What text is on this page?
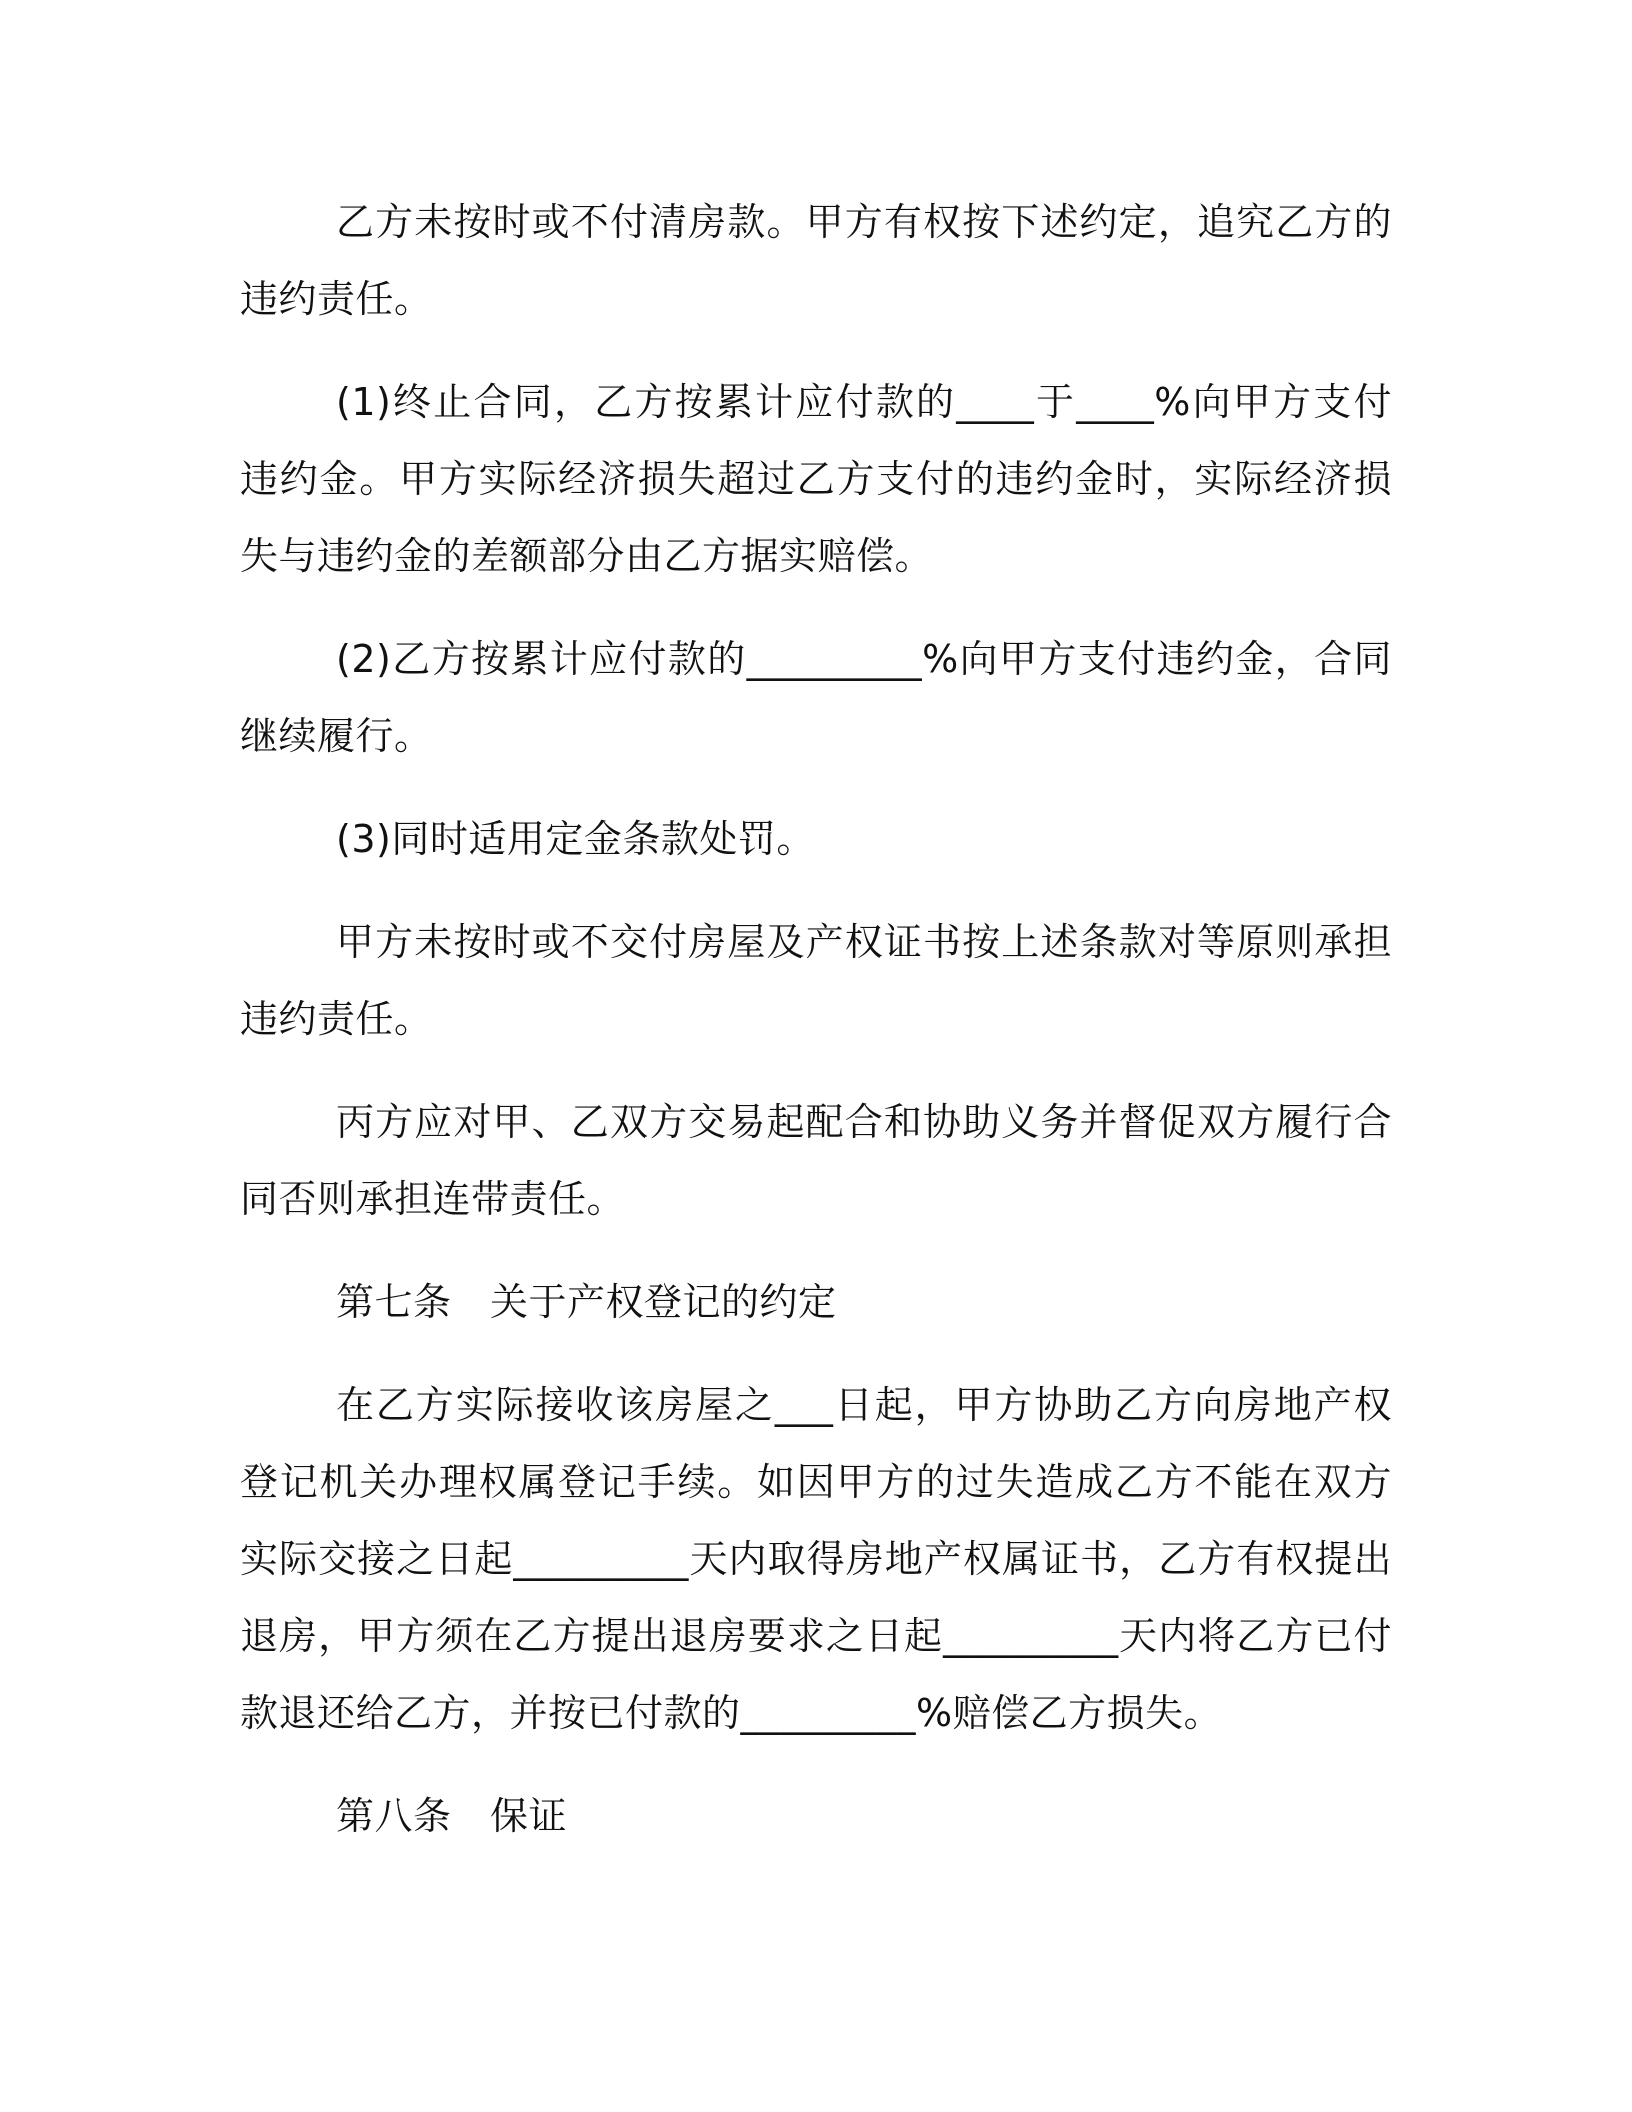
乙方未按时或不付清房款。甲方有权按下述约定，追究乙方的违约责任。

(1)终止合同，乙方按累计应付款的____于____%向甲方支付违约金。甲方实际经济损失超过乙方支付的违约金时，实际经济损失与违约金的差额部分由乙方据实赔偿。

(2)乙方按累计应付款的_________%向甲方支付违约金，合同继续履行。

(3)同时适用定金条款处罚。

甲方未按时或不交付房屋及产权证书按上述条款对等原则承担违约责任。

丙方应对甲、乙双方交易起配合和协助义务并督促双方履行合同否则承担连带责任。

第七条　关于产权登记的约定

在乙方实际接收该房屋之___日起，甲方协助乙方向房地产权登记机关办理权属登记手续。如因甲方的过失造成乙方不能在双方实际交接之日起_________天内取得房地产权属证书，乙方有权提出退房，甲方须在乙方提出退房要求之日起_________天内将乙方已付款退还给乙方，并按已付款的_________%赔偿乙方损失。

第八条　保证
